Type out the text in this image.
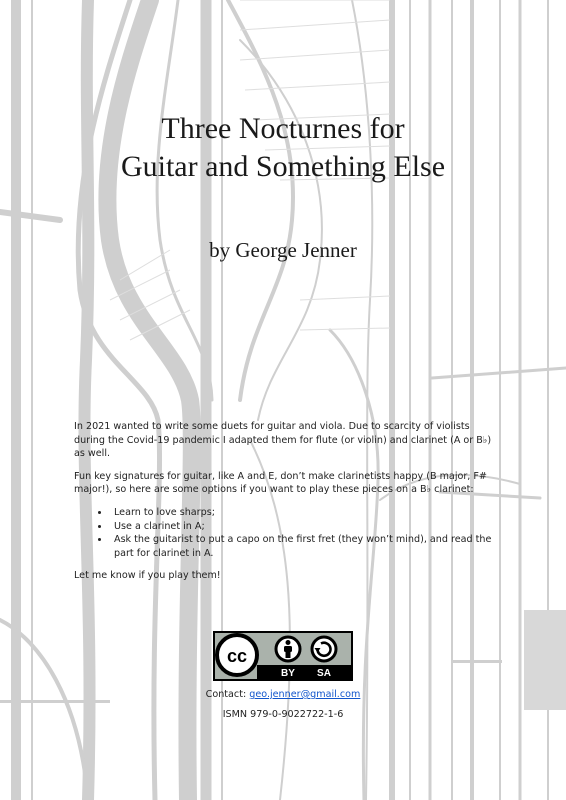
Three Nocturnes for
Guitar and Something Else
by George Jenner

In 2021 wanted to write some duets for guitar and viola. Due to scarcity of violists during the Covid-19 pandemic I adapted them for flute (or violin) and clarinet (A or B♭) as well.

Fun key signatures for guitar, like A and E, don’t make clarinetists happy (B major, F# major!), so here are some options if you want to play these pieces on a B♭ clarinet:

• Learn to love sharps;
• Use a clarinet in A;
• Ask the guitarist to put a capo on the first fret (they won’t mind), and read the part for clarinet in A.

Let me know if you play them!

cc
BY SA
Contact: geo.jenner@gmail.com
ISMN 979-0-9022722-1-6
